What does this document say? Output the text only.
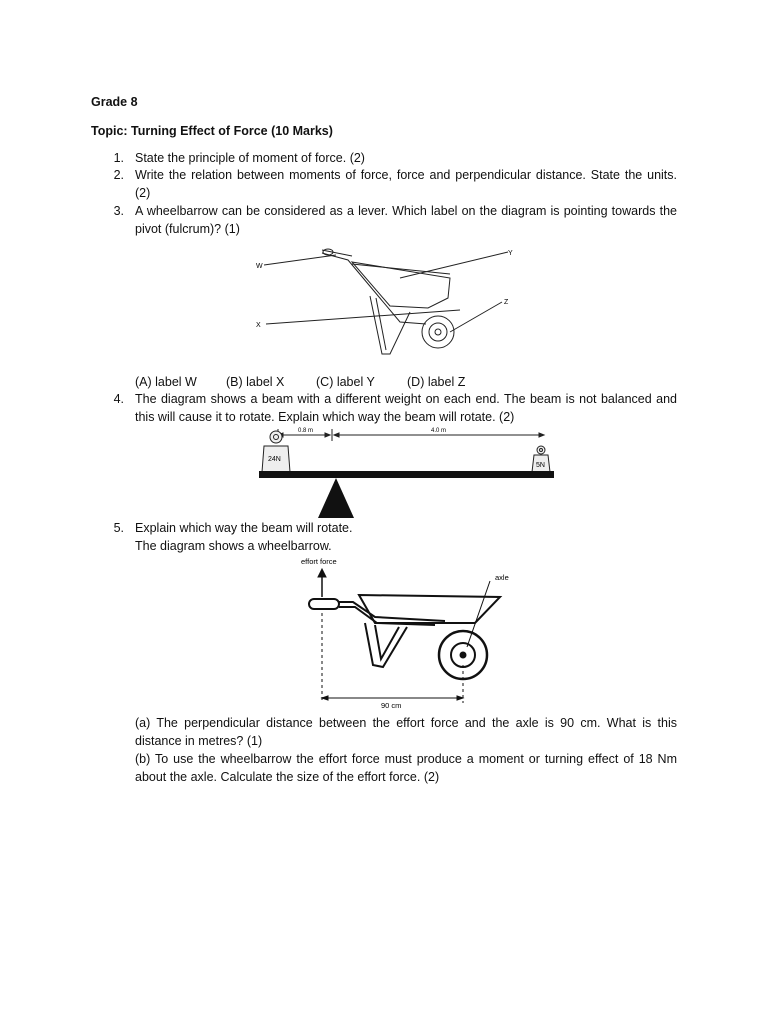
Grade 8
Topic: Turning Effect of Force (10 Marks)
1. State the principle of moment of force. (2)
2. Write the relation between moments of force, force and perpendicular distance. State the units. (2)
3. A wheelbarrow can be considered as a lever. Which label on the diagram is pointing towards the pivot (fulcrum)? (1)
W
X
Y
Z
(A) label W (B) label X	(C) label Y	(D) label Z
4. The diagram shows a beam with a different weight on each end. The beam is not balanced and this will cause it to rotate. Explain which way the beam will rotate. (2)
0.8 m	4.0 m
24N
5N
5. Explain which way the beam will rotate.
The diagram shows a wheelbarrow.
effort force
axle
90 cm
(a) The perpendicular distance between the effort force and the axle is 90 cm. What is this distance in metres? (1)
(b) To use the wheelbarrow the effort force must produce a moment or turning effect of 18 Nm about the axle. Calculate the size of the effort force. (2)
